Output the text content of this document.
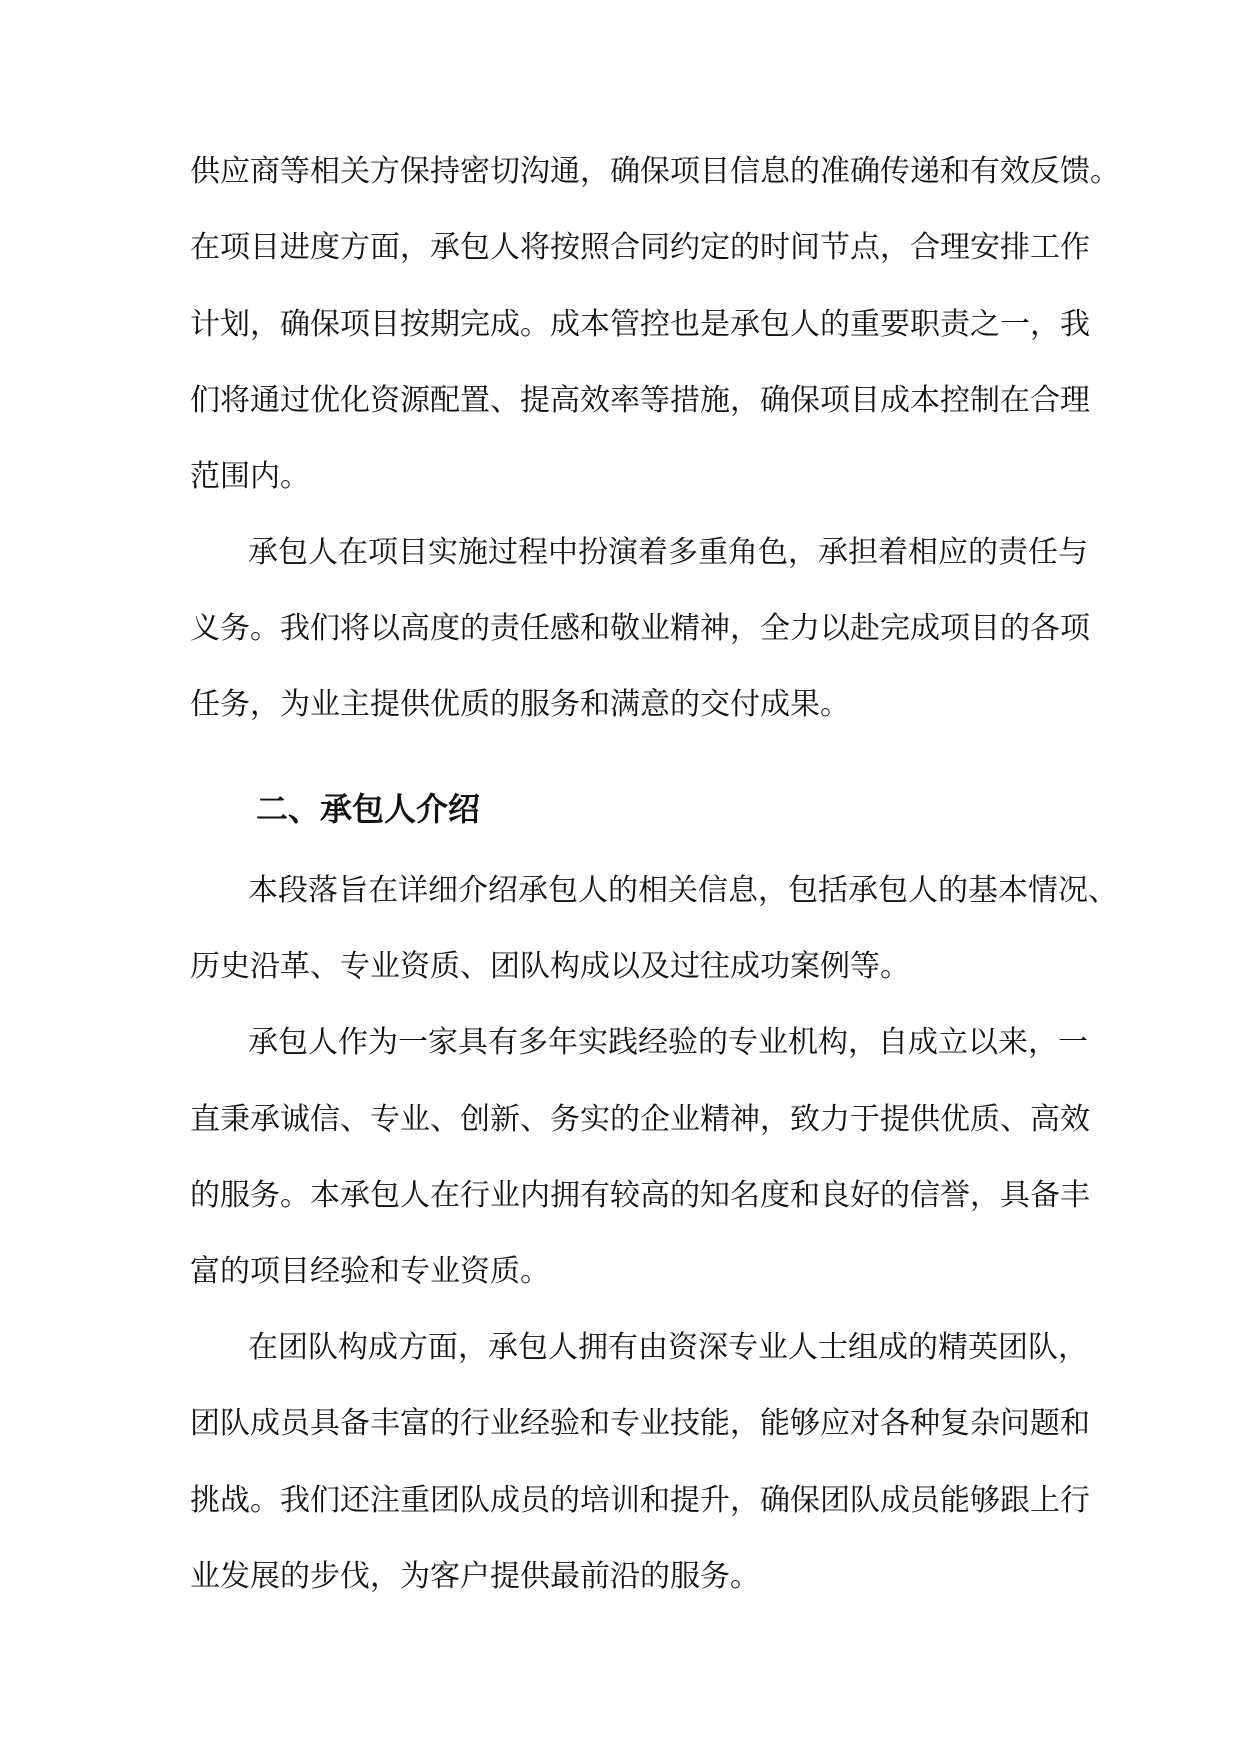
供应商等相关方保持密切沟通，确保项目信息的准确传递和有效反馈。

在项目进度方面，承包人将按照合同约定的时间节点，合理安排工作

计划，确保项目按期完成。成本管控也是承包人的重要职责之一，我

们将通过优化资源配置、提高效率等措施，确保项目成本控制在合理

范围内。

承包人在项目实施过程中扮演着多重角色，承担着相应的责任与

义务。我们将以高度的责任感和敬业精神，全力以赴完成项目的各项

任务，为业主提供优质的服务和满意的交付成果。

二、承包人介绍

本段落旨在详细介绍承包人的相关信息，包括承包人的基本情况、

历史沿革、专业资质、团队构成以及过往成功案例等。

承包人作为一家具有多年实践经验的专业机构，自成立以来，一

直秉承诚信、专业、创新、务实的企业精神，致力于提供优质、高效

的服务。本承包人在行业内拥有较高的知名度和良好的信誉，具备丰

富的项目经验和专业资质。

在团队构成方面，承包人拥有由资深专业人士组成的精英团队，

团队成员具备丰富的行业经验和专业技能，能够应对各种复杂问题和

挑战。我们还注重团队成员的培训和提升，确保团队成员能够跟上行

业发展的步伐，为客户提供最前沿的服务。
